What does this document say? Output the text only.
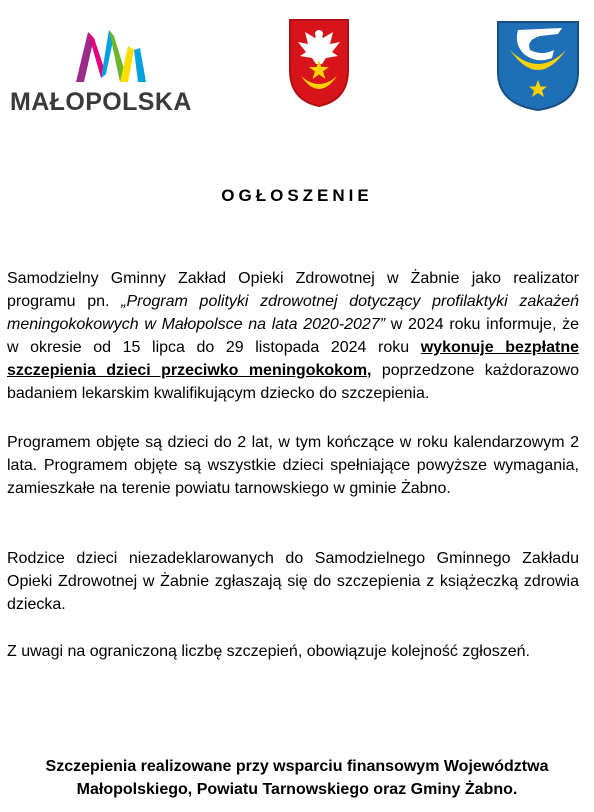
MAŁOPOLSKA
OGŁOSZENIE
Samodzielny Gminny Zakład Opieki Zdrowotnej w Żabnie jako realizator programu pn. „Program polityki zdrowotnej dotyczący profilaktyki zakażeń meningokokowych w Małopolsce na lata 2020-2027” w 2024 roku informuje, że w okresie od 15 lipca do 29 listopada 2024 roku wykonuje bezpłatne szczepienia dzieci przeciwko meningokokom, poprzedzone każdorazowo badaniem lekarskim kwalifikującym dziecko do szczepienia.
Programem objęte są dzieci do 2 lat, w tym kończące w roku kalendarzowym 2 lata. Programem objęte są wszystkie dzieci spełniające powyższe wymagania, zamieszkałe na terenie powiatu tarnowskiego w gminie Żabno.
Rodzice dzieci niezadeklarowanych do Samodzielnego Gminnego Zakładu Opieki Zdrowotnej w Żabnie zgłaszają się do szczepienia z książeczką zdrowia dziecka.
Z uwagi na ograniczoną liczbę szczepień, obowiązuje kolejność zgłoszeń.
Szczepienia realizowane przy wsparciu finansowym Województwa
Małopolskiego, Powiatu Tarnowskiego oraz Gminy Żabno.
